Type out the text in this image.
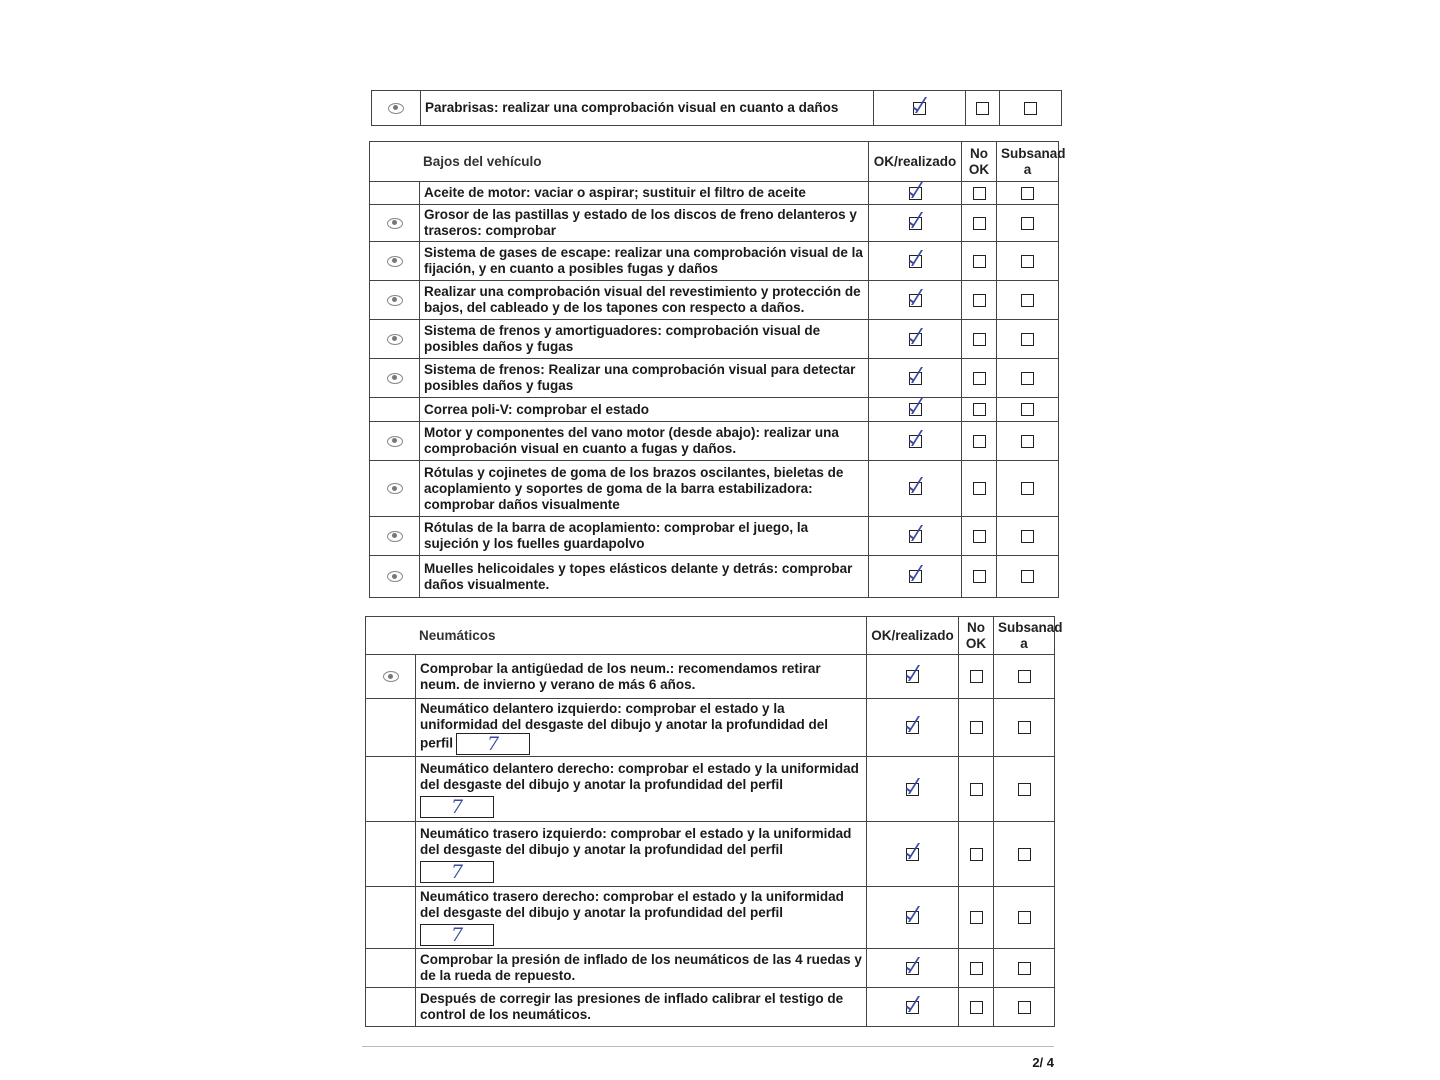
	Parabrisas: realizar una comprobación visual en cuanto a daños			
Bajos del vehículo		OK/realizado	No OK	Subsanad a
	Aceite de motor: vaciar o aspirar; sustituir el filtro de aceite			
	Grosor de las pastillas y estado de los discos de freno delanteros y traseros: comprobar			
	Sistema de gases de escape: realizar una comprobación visual de la fijación, y en cuanto a posibles fugas y daños			
	Realizar una comprobación visual del revestimiento y protección de bajos, del cableado y de los tapones con respecto a daños.			
	Sistema de frenos y amortiguadores: comprobación visual de posibles daños y fugas			
	Sistema de frenos: Realizar una comprobación visual para detectar posibles daños y fugas			
	Correa poli-V: comprobar el estado			
	Motor y componentes del vano motor (desde abajo): realizar una comprobación visual en cuanto a fugas y daños.			
	Rótulas y cojinetes de goma de los brazos oscilantes, bieletas de acoplamiento y soportes de goma de la barra estabilizadora: comprobar daños visualmente			
	Rótulas de la barra de acoplamiento: comprobar el juego, la sujeción y los fuelles guardapolvo			
	Muelles helicoidales y topes elásticos delante y detrás: comprobar daños visualmente.			
Neumáticos		OK/realizado	No OK	Subsanad a
	Comprobar la antigüedad de los neum.: recomendamos retirar neum. de invierno y verano de más 6 años.			
	Neumático delantero izquierdo: comprobar el estado y la uniformidad del desgaste del dibujo y anotar la profundidad del perfil 7			
	Neumático delantero derecho: comprobar el estado y la uniformidad del desgaste del dibujo y anotar la profundidad del perfil
7			

	Neumático trasero izquierdo: comprobar el estado y la uniformidad del desgaste del dibujo y anotar la profundidad del perfil
7			

	Neumático trasero derecho: comprobar el estado y la uniformidad del desgaste del dibujo y anotar la profundidad del perfil
7			

	Comprobar la presión de inflado de los neumáticos de las 4 ruedas y de la rueda de repuesto.			
	Después de corregir las presiones de inflado calibrar el testigo de control de los neumáticos.			
2/ 4
